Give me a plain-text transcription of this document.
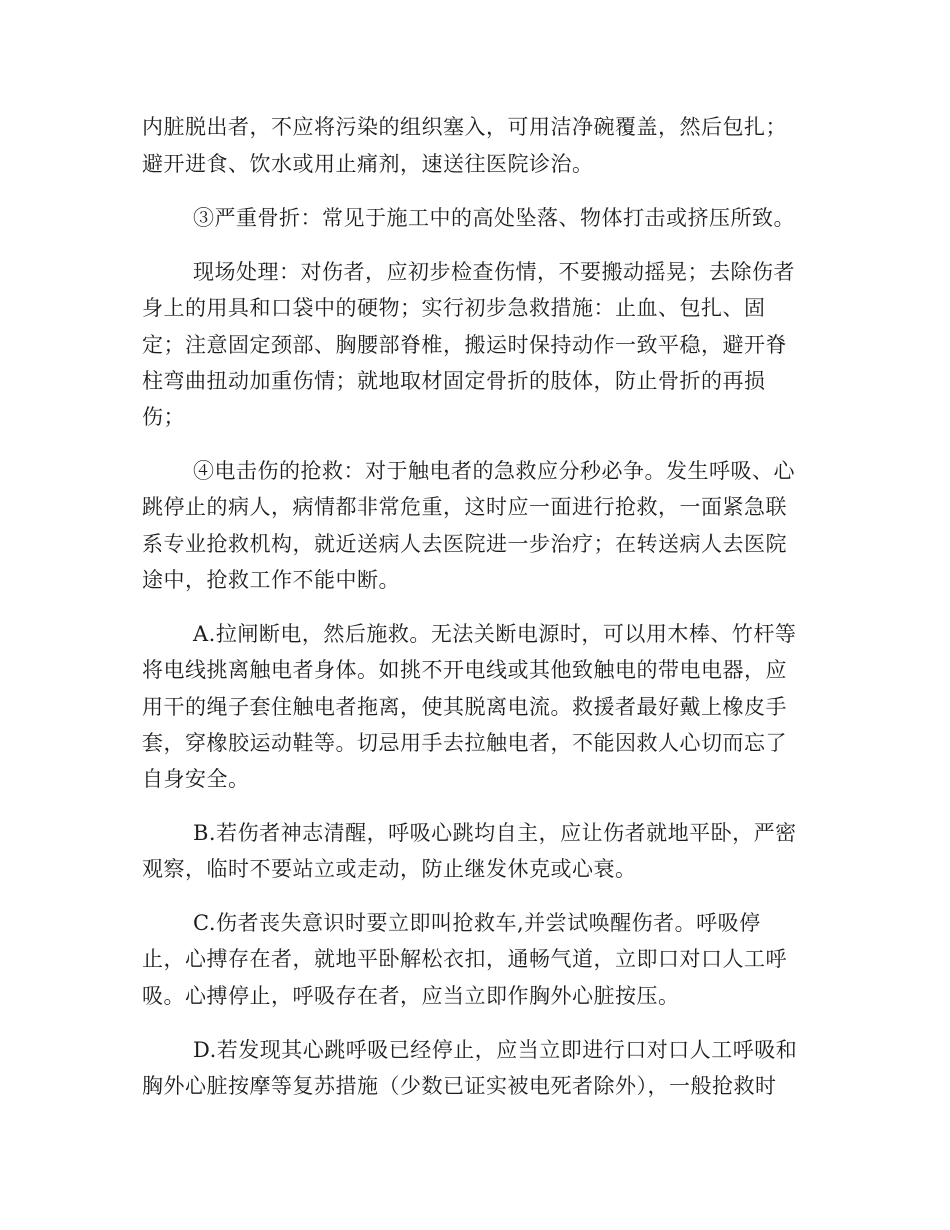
内脏脱出者，不应将污染的组织塞入，可用洁净碗覆盖，然后包扎；
避开进食、饮水或用止痛剂，速送往医院诊治。
③严重骨折：常见于施工中的高处坠落、物体打击或挤压所致。
现场处理：对伤者，应初步检查伤情，不要搬动摇晃；去除伤者
身上的用具和口袋中的硬物；实行初步急救措施：止血、包扎、固
定；注意固定颈部、胸腰部脊椎，搬运时保持动作一致平稳，避开脊
柱弯曲扭动加重伤情；就地取材固定骨折的肢体，防止骨折的再损
伤；
④电击伤的抢救：对于触电者的急救应分秒必争。发生呼吸、心
跳停止的病人，病情都非常危重，这时应一面进行抢救，一面紧急联
系专业抢救机构，就近送病人去医院进一步治疗；在转送病人去医院
途中，抢救工作不能中断。
A.拉闸断电，然后施救。无法关断电源时，可以用木棒、竹杆等
将电线挑离触电者身体。如挑不开电线或其他致触电的带电电器，应
用干的绳子套住触电者拖离，使其脱离电流。救援者最好戴上橡皮手
套，穿橡胶运动鞋等。切忌用手去拉触电者，不能因救人心切而忘了
自身安全。
B.若伤者神志清醒，呼吸心跳均自主，应让伤者就地平卧，严密
观察，临时不要站立或走动，防止继发休克或心衰。
C.伤者丧失意识时要立即叫抢救车,并尝试唤醒伤者。呼吸停
止，心搏存在者，就地平卧解松衣扣，通畅气道，立即口对口人工呼
吸。心搏停止，呼吸存在者，应当立即作胸外心脏按压。
D.若发现其心跳呼吸已经停止，应当立即进行口对口人工呼吸和
胸外心脏按摩等复苏措施（少数已证实被电死者除外），一般抢救时
